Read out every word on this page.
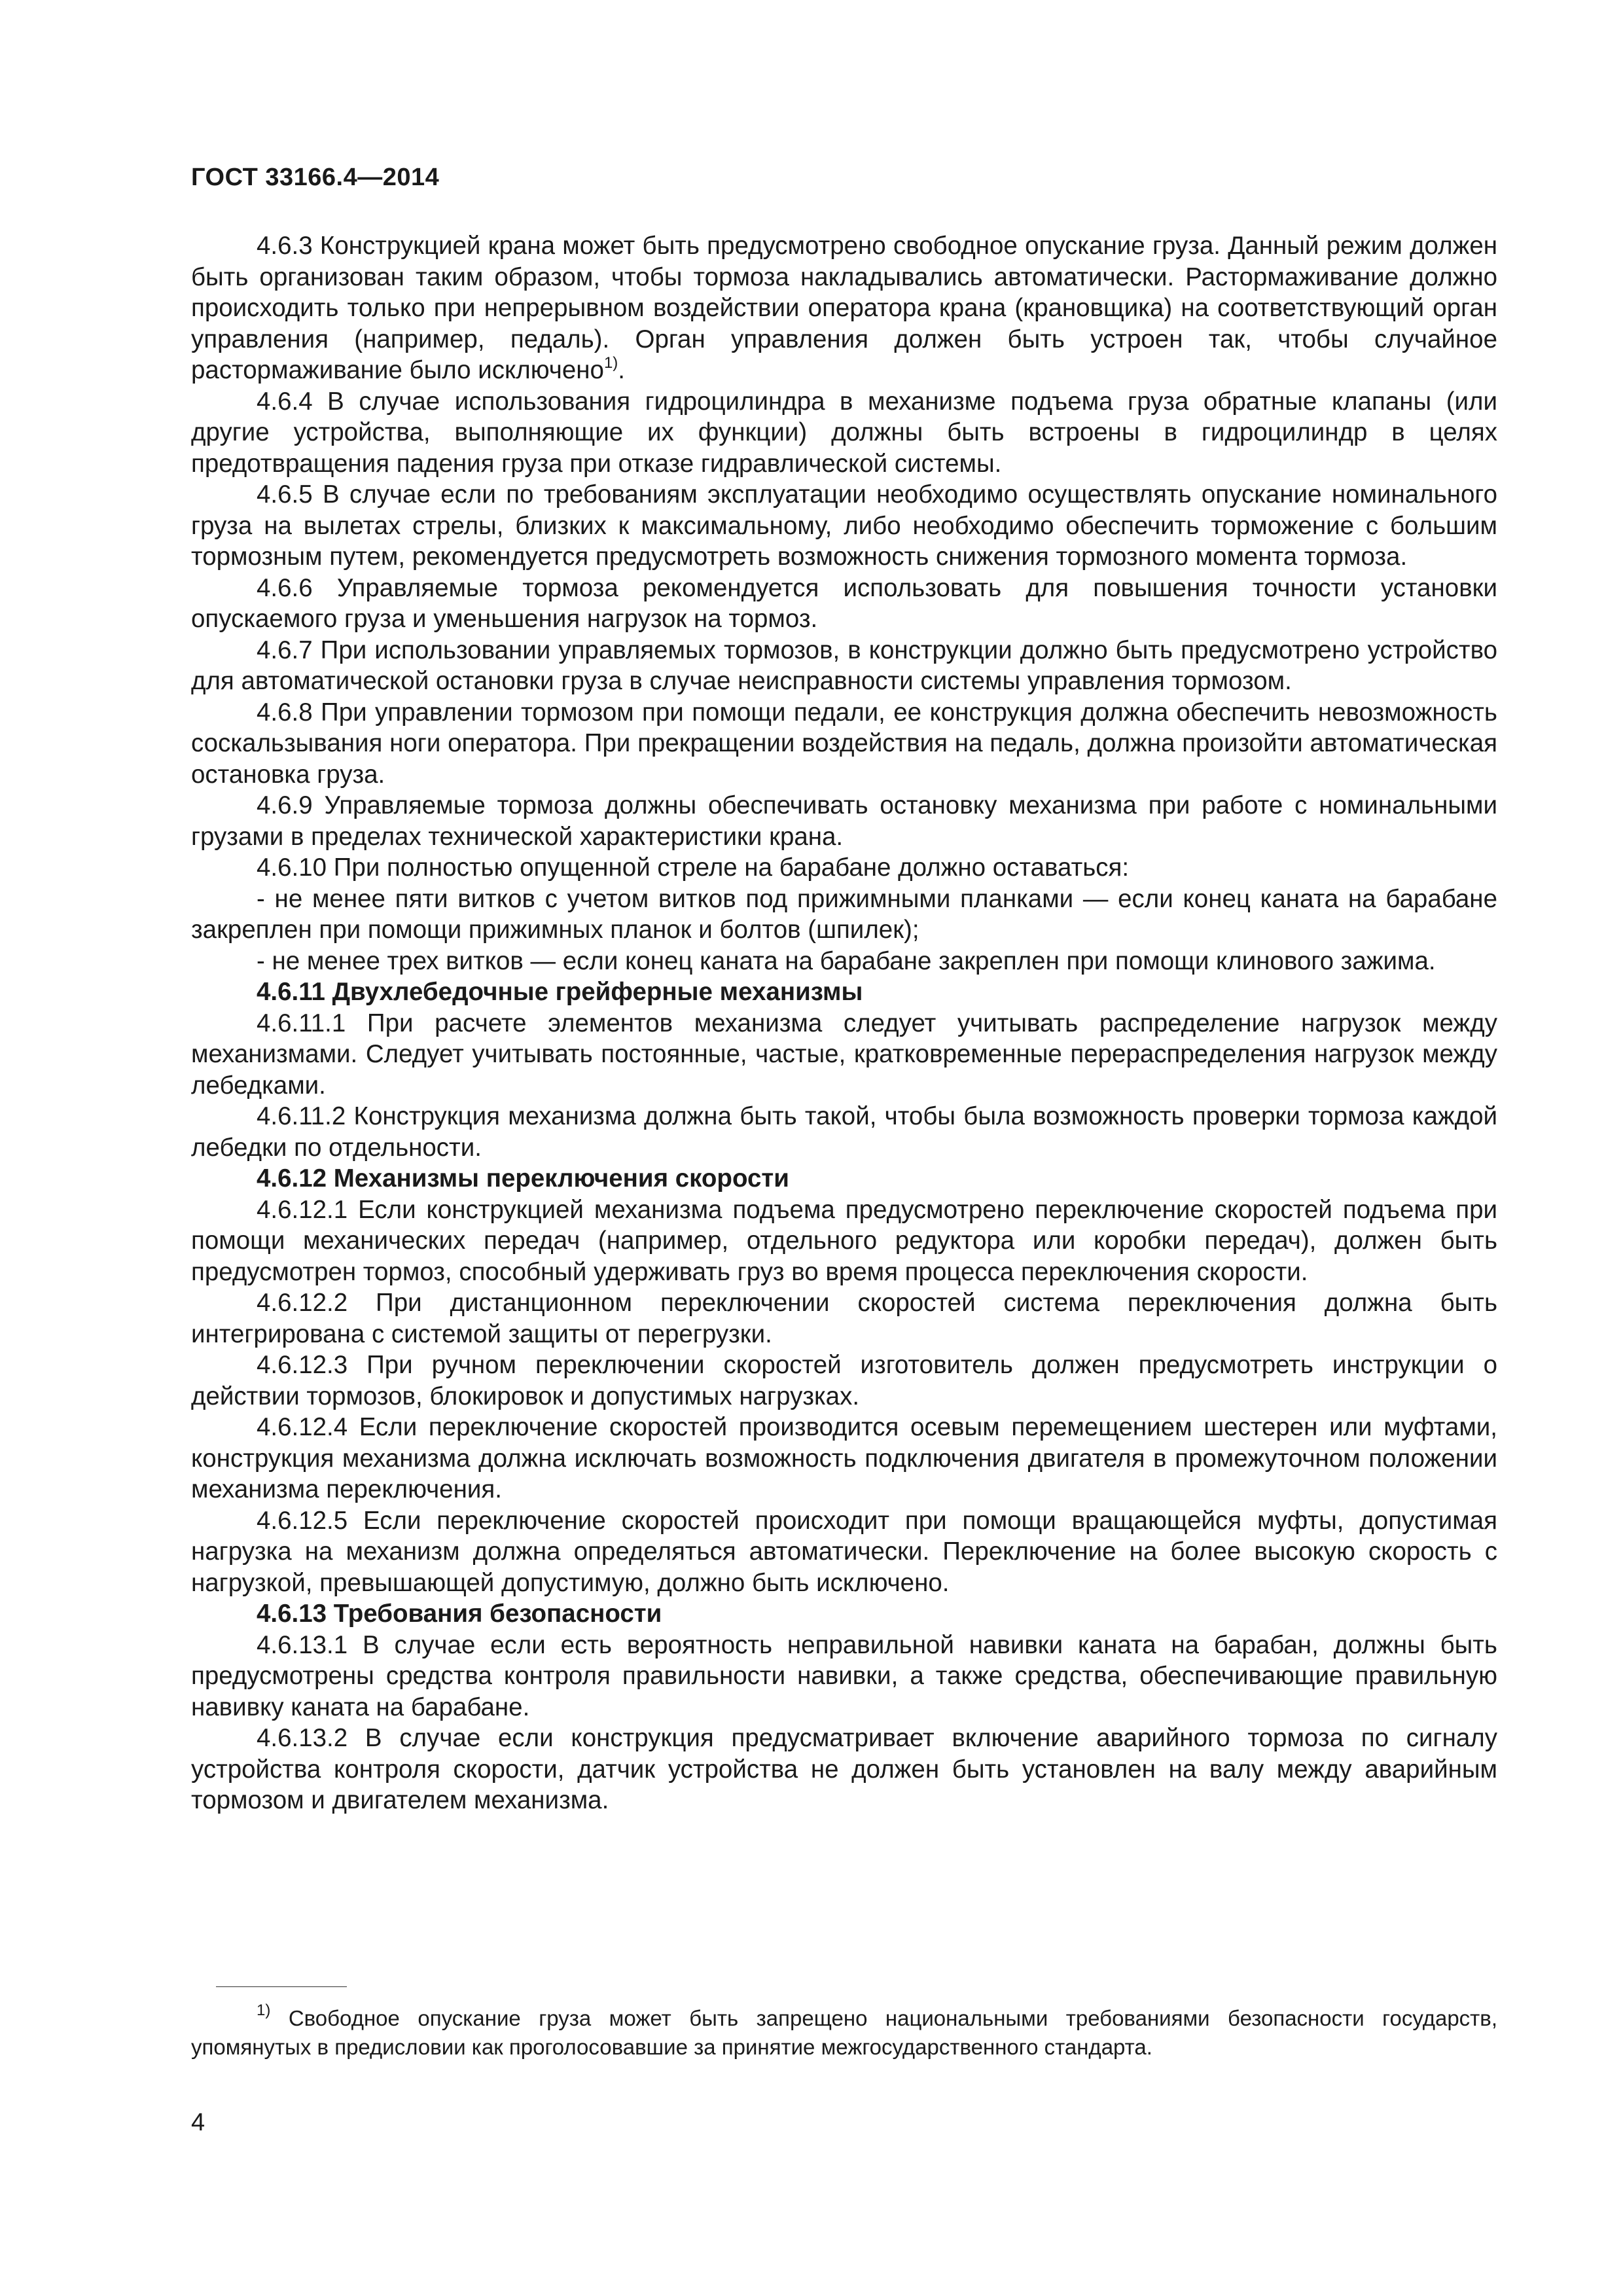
ГОСТ 33166.4—2014

4.6.3 Конструкцией крана может быть предусмотрено свободное опускание груза. Данный режим должен быть организован таким образом, чтобы тормоза накладывались автоматически. Растормаживание должно происходить только при непрерывном воздействии оператора крана (крановщика) на соответствующий орган управления (например, педаль). Орган управления должен быть устроен так, чтобы случайное растормаживание было исключено$^{1)}$.

4.6.4 В случае использования гидроцилиндра в механизме подъема груза обратные клапаны (или другие устройства, выполняющие их функции) должны быть встроены в гидроцилиндр в целях предотвращения падения груза при отказе гидравлической системы.

4.6.5 В случае если по требованиям эксплуатации необходимо осуществлять опускание номинального груза на вылетах стрелы, близких к максимальному, либо необходимо обеспечить торможение с большим тормозным путем, рекомендуется предусмотреть возможность снижения тормозного момента тормоза.

4.6.6 Управляемые тормоза рекомендуется использовать для повышения точности установки опускаемого груза и уменьшения нагрузок на тормоз.

4.6.7 При использовании управляемых тормозов, в конструкции должно быть предусмотрено устройство для автоматической остановки груза в случае неисправности системы управления тормозом.

4.6.8 При управлении тормозом при помощи педали, ее конструкция должна обеспечить невозможность соскальзывания ноги оператора. При прекращении воздействия на педаль, должна произойти автоматическая остановка груза.

4.6.9 Управляемые тормоза должны обеспечивать остановку механизма при работе с номинальными грузами в пределах технической характеристики крана.

4.6.10 При полностью опущенной стреле на барабане должно оставаться:

- не менее пяти витков с учетом витков под прижимными планками — если конец каната на барабане закреплен при помощи прижимных планок и болтов (шпилек);

- не менее трех витков — если конец каната на барабане закреплен при помощи клинового зажима.

4.6.11 Двухлебедочные грейферные механизмы

4.6.11.1 При расчете элементов механизма следует учитывать распределение нагрузок между механизмами. Следует учитывать постоянные, частые, кратковременные перераспределения нагрузок между лебедками.

4.6.11.2 Конструкция механизма должна быть такой, чтобы была возможность проверки тормоза каждой лебедки по отдельности.

4.6.12 Механизмы переключения скорости

4.6.12.1 Если конструкцией механизма подъема предусмотрено переключение скоростей подъема при помощи механических передач (например, отдельного редуктора или коробки передач), должен быть предусмотрен тормоз, способный удерживать груз во время процесса переключения скорости.

4.6.12.2 При дистанционном переключении скоростей система переключения должна быть интегрирована с системой защиты от перегрузки.

4.6.12.3 При ручном переключении скоростей изготовитель должен предусмотреть инструкции о действии тормозов, блокировок и допустимых нагрузках.

4.6.12.4 Если переключение скоростей производится осевым перемещением шестерен или муфтами, конструкция механизма должна исключать возможность подключения двигателя в промежуточном положении механизма переключения.

4.6.12.5 Если переключение скоростей происходит при помощи вращающейся муфты, допустимая нагрузка на механизм должна определяться автоматически. Переключение на более высокую скорость с нагрузкой, превышающей допустимую, должно быть исключено.

4.6.13 Требования безопасности

4.6.13.1 В случае если есть вероятность неправильной навивки каната на барабан, должны быть предусмотрены средства контроля правильности навивки, а также средства, обеспечивающие правильную навивку каната на барабане.

4.6.13.2 В случае если конструкция предусматривает включение аварийного тормоза по сигналу устройства контроля скорости, датчик устройства не должен быть установлен на валу между аварийным тормозом и двигателем механизма.

$^{1)}$ Свободное опускание груза может быть запрещено национальными требованиями безопасности государств, упомянутых в предисловии как проголосовавшие за принятие межгосударственного стандарта.

4
